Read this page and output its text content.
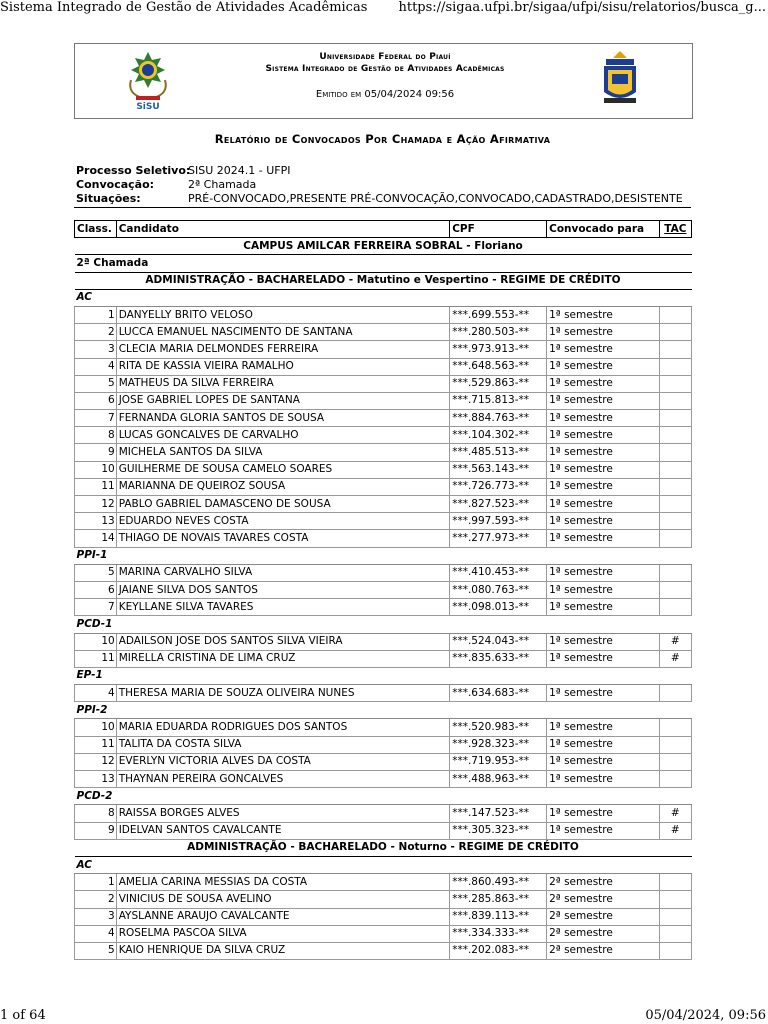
Sistema Integrado de Gestão de Atividades Acadêmicas https://sigaa.ufpi.br/sigaa/ufpi/sisu/relatorios/busca_g...
SiSU
Universidade Federal do Piauí
Sistema Integrado de Gestão de Atividades Acadêmicas
Emitido em 05/04/2024 09:56
Relatório de Convocados Por Chamada e Ação Afirmativa
Processo Seletivo:
SISU 2024.1 - UFPI
Convocação:	2ª Chamada
Situações:	PRÉ-CONVOCADO,PRESENTE PRÉ-CONVOCAÇÃO,CONVOCADO,CADASTRADO,DESISTENTE
Class.	Candidato	CPF	Convocado para	TAC
CAMPUS AMILCAR FERREIRA SOBRAL - Floriano				
2ª Chamada				
ADMINISTRAÇÃO - BACHARELADO - Matutino e Vespertino - REGIME DE CRÉDITO				
AC				
1	DANYELLY BRITO VELOSO	***.699.553-**	1ª semestre	
2	LUCCA EMANUEL NASCIMENTO DE SANTANA	***.280.503-**	1ª semestre	
3	CLECIA MARIA DELMONDES FERREIRA	***.973.913-**	1ª semestre	
4	RITA DE KASSIA VIEIRA RAMALHO	***.648.563-**	1ª semestre	
5	MATHEUS DA SILVA FERREIRA	***.529.863-**	1ª semestre	
6	JOSE GABRIEL LOPES DE SANTANA	***.715.813-**	1ª semestre	
7	FERNANDA GLORIA SANTOS DE SOUSA	***.884.763-**	1ª semestre	
8	LUCAS GONCALVES DE CARVALHO	***.104.302-**	1ª semestre	
9	MICHELA SANTOS DA SILVA	***.485.513-**	1ª semestre	
10	GUILHERME DE SOUSA CAMELO SOARES	***.563.143-**	1ª semestre	
11	MARIANNA DE QUEIROZ SOUSA	***.726.773-**	1ª semestre	
12	PABLO GABRIEL DAMASCENO DE SOUSA	***.827.523-**	1ª semestre	
13	EDUARDO NEVES COSTA	***.997.593-**	1ª semestre	
14	THIAGO DE NOVAIS TAVARES COSTA	***.277.973-**	1ª semestre	
PPI-1				
5	MARINA CARVALHO SILVA	***.410.453-**	1ª semestre	
6	JAIANE SILVA DOS SANTOS	***.080.763-**	1ª semestre	
7	KEYLLANE SILVA TAVARES	***.098.013-**	1ª semestre	
PCD-1				
10	ADAILSON JOSE DOS SANTOS SILVA VIEIRA	***.524.043-**	1ª semestre	#
11	MIRELLA CRISTINA DE LIMA CRUZ	***.835.633-**	1ª semestre	#
EP-1				
4	THERESA MARIA DE SOUZA OLIVEIRA NUNES	***.634.683-**	1ª semestre	
PPI-2				
10	MARIA EDUARDA RODRIGUES DOS SANTOS	***.520.983-**	1ª semestre	
11	TALITA DA COSTA SILVA	***.928.323-**	1ª semestre	
12	EVERLYN VICTORIA ALVES DA COSTA	***.719.953-**	1ª semestre	
13	THAYNAN PEREIRA GONCALVES	***.488.963-**	1ª semestre	
PCD-2				
8	RAISSA BORGES ALVES	***.147.523-**	1ª semestre	#
9	IDELVAN SANTOS CAVALCANTE	***.305.323-**	1ª semestre	#
ADMINISTRAÇÃO - BACHARELADO - Noturno - REGIME DE CRÉDITO				
AC				
1	AMELIA CARINA MESSIAS DA COSTA	***.860.493-**	2ª semestre	
2	VINICIUS DE SOUSA AVELINO	***.285.863-**	2ª semestre	
3	AYSLANNE ARAUJO CAVALCANTE	***.839.113-**	2ª semestre	
4	ROSELMA PASCOA SILVA	***.334.333-**	2ª semestre	
5	KAIO HENRIQUE DA SILVA CRUZ	***.202.083-**	2ª semestre	
1 of 64	05/04/2024, 09:56
